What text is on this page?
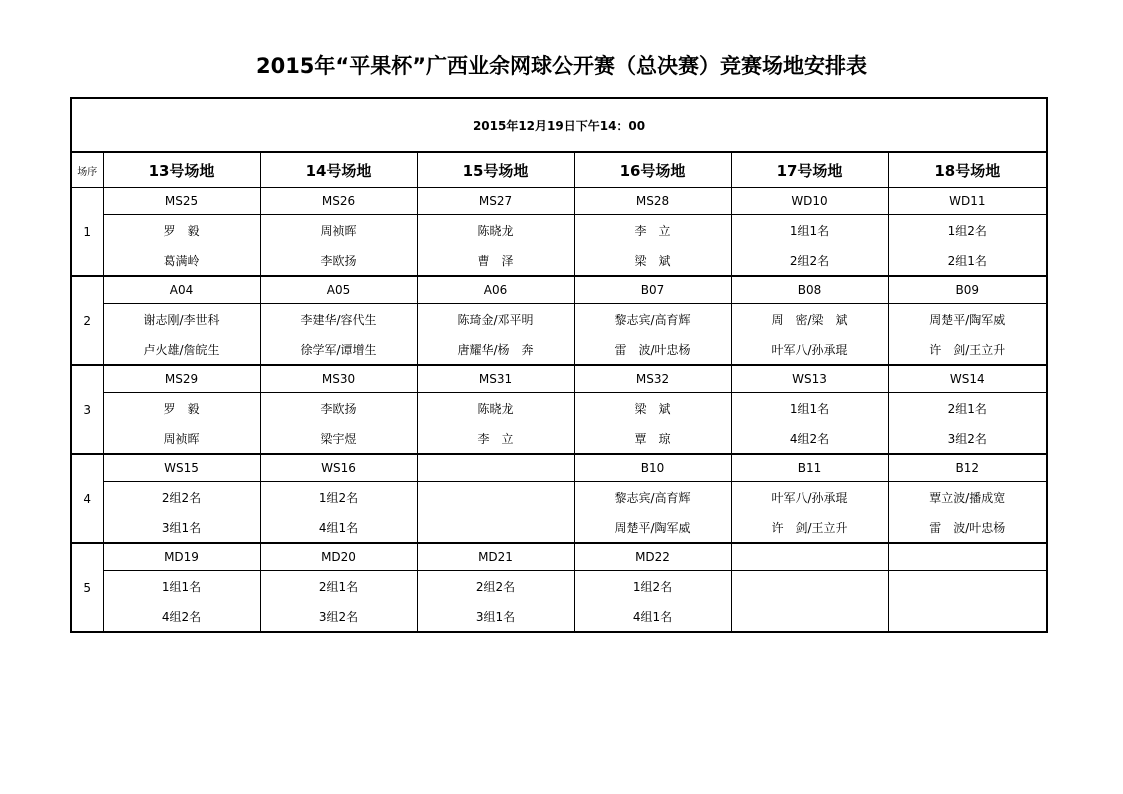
2015年“平果杯”广西业余网球公开赛（总决赛）竞赛场地安排表
2015年12月19日下午14：00						
场序	13号场地	14号场地	15号场地	16号场地	17号场地	18号场地
1	MS25	MS26	MS27	MS28	WD10	WD11
	罗　毅	周祯晖	陈晓龙	李　立	1组1名	1组2名
	葛满岭	李欧扬	曹　泽	梁　斌	2组2名	2组1名
2	A04	A05	A06	B07	B08	B09
	谢志刚/李世科	李建华/容代生	陈琦金/邓平明	黎志宾/高育辉	周　密/梁　斌	周楚平/陶军威
	卢火雄/詹皖生	徐学军/谭增生	唐耀华/杨　奔	雷　波/叶忠杨	叶军八/孙承琨	许　剑/王立升
3	MS29	MS30	MS31	MS32	WS13	WS14
	罗　毅	李欧扬	陈晓龙	梁　斌	1组1名	2组1名
	周祯晖	梁宇煜	李　立	覃　琼	4组2名	3组2名
4	WS15	WS16		B10	B11	B12
	2组2名	1组2名		黎志宾/高育辉	叶军八/孙承琨	覃立波/播成宽
	3组1名	4组1名		周楚平/陶军威	许　剑/王立升	雷　波/叶忠杨
5	MD19	MD20	MD21	MD22		
	1组1名	2组1名	2组2名	1组2名		
	4组2名	3组2名	3组1名	4组1名		
